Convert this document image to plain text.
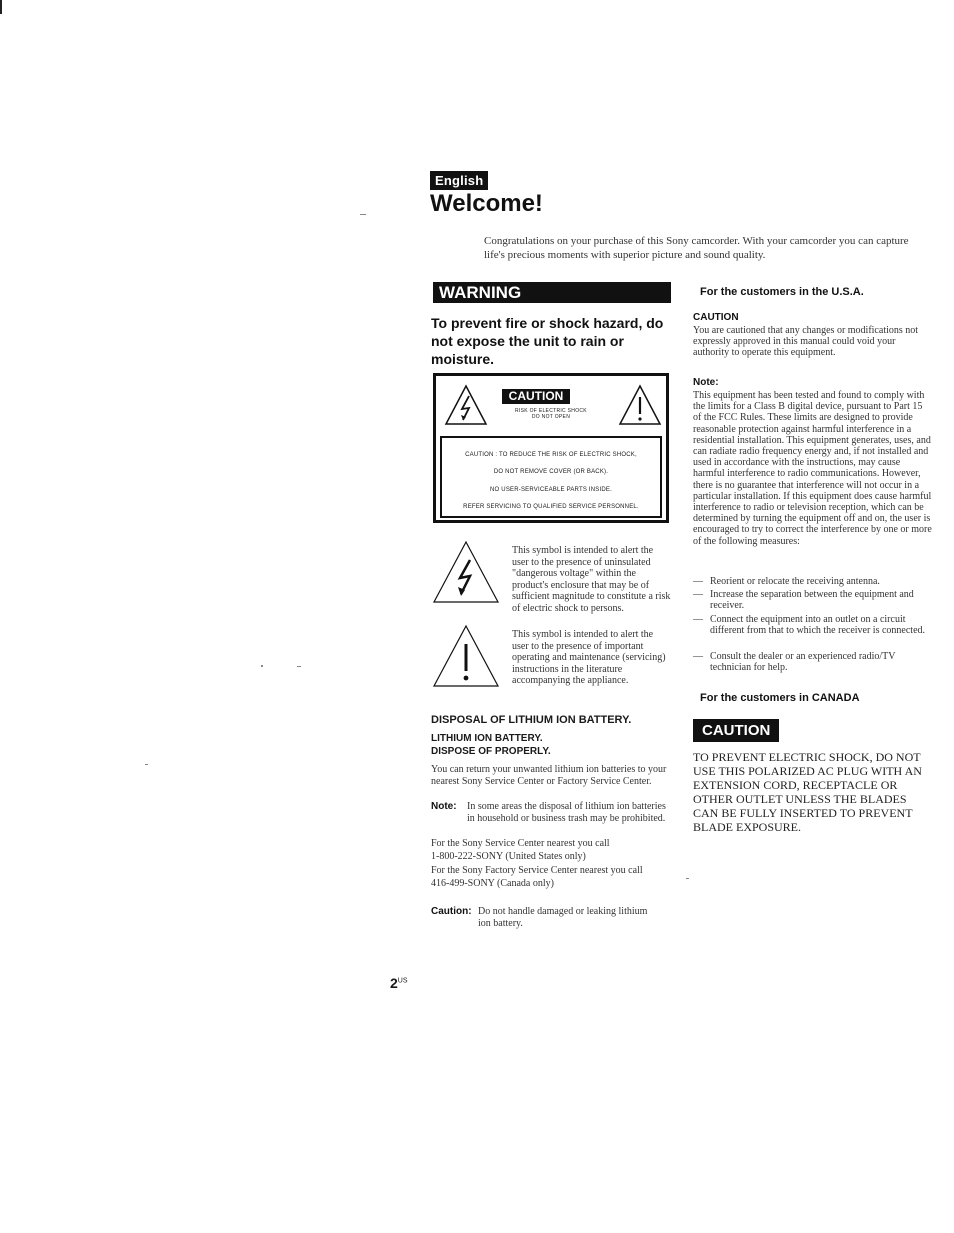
English
Welcome!
Congratulations on your purchase of this Sony camcorder. With your camcorder you can capture life's precious moments with superior picture and sound quality.
WARNING
To prevent fire or shock hazard, do not expose the unit to rain or moisture.
CAUTION
RISK OF ELECTRIC SHOCK
DO NOT OPEN
CAUTION : TO REDUCE THE RISK OF ELECTRIC SHOCK,
DO NOT REMOVE COVER (OR BACK).
NO USER-SERVICEABLE PARTS INSIDE.
REFER SERVICING TO QUALIFIED SERVICE PERSONNEL.
This symbol is intended to alert the user to the presence of uninsulated "dangerous voltage" within the product's enclosure that may be of sufficient magnitude to constitute a risk of electric shock to persons.
This symbol is intended to alert the user to the presence of important operating and maintenance (servicing) instructions in the literature accompanying the appliance.
DISPOSAL OF LITHIUM ION BATTERY.
LITHIUM ION BATTERY.
DISPOSE OF PROPERLY.
You can return your unwanted lithium ion batteries to your nearest Sony Service Center or Factory Service Center.
Note: In some areas the disposal of lithium ion batteries in household or business trash may be prohibited.
For the Sony Service Center nearest you call
1-800-222-SONY (United States only)
For the Sony Factory Service Center nearest you call
416-499-SONY (Canada only)
Caution: Do not handle damaged or leaking lithium ion battery.
For the customers in the U.S.A.
CAUTION
You are cautioned that any changes or modifications not expressly approved in this manual could void your authority to operate this equipment.
Note:
This equipment has been tested and found to comply with the limits for a Class B digital device, pursuant to Part 15 of the FCC Rules. These limits are designed to provide reasonable protection against harmful interference in a residential installation. This equipment generates, uses, and can radiate radio frequency energy and, if not installed and used in accordance with the instructions, may cause harmful interference to radio communications. However, there is no guarantee that interference will not occur in a particular installation. If this equipment does cause harmful interference to radio or television reception, which can be determined by turning the equipment off and on, the user is encouraged to try to correct the interference by one or more of the following measures:
— Reorient or relocate the receiving antenna.
— Increase the separation between the equipment and receiver.
— Connect the equipment into an outlet on a circuit different from that to which the receiver is connected.
— Consult the dealer or an experienced radio/TV technician for help.
For the customers in CANADA
CAUTION
TO PREVENT ELECTRIC SHOCK, DO NOT USE THIS POLARIZED AC PLUG WITH AN EXTENSION CORD, RECEPTACLE OR OTHER OUTLET UNLESS THE BLADES CAN BE FULLY INSERTED TO PREVENT BLADE EXPOSURE.
$2^{US}$
